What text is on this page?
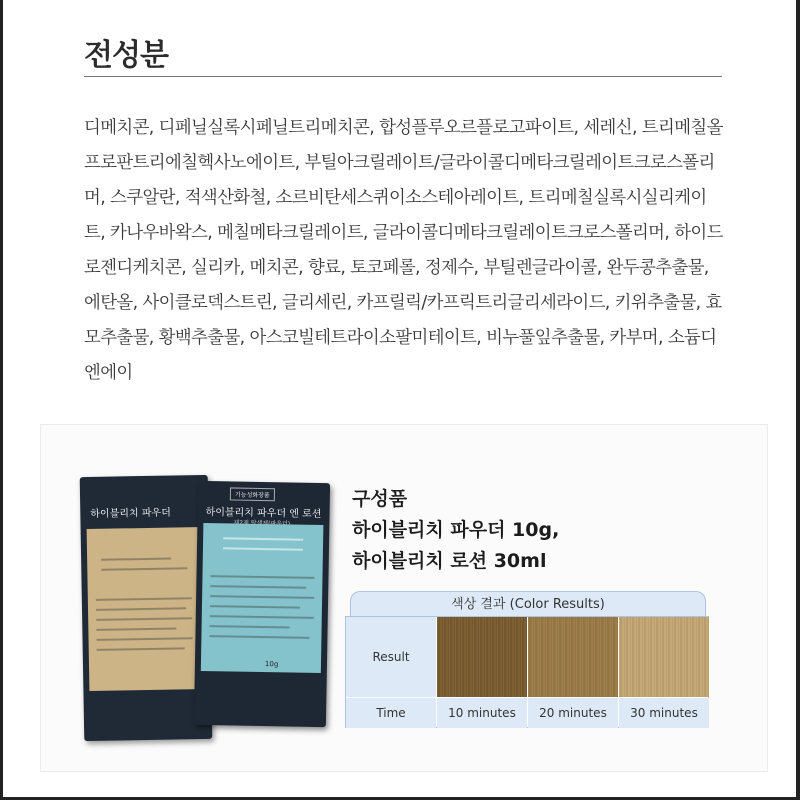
전성분
디메치콘, 디페닐실록시페닐트리메치콘, 합성플루오르플로고파이트, 세레신, 트리메칠올프로판트리에칠헥사노에이트, 부틸아크릴레이트/글라이콜디메타크릴레이트크로스폴리머, 스쿠알란, 적색산화철, 소르비탄세스퀴이소스테아레이트, 트리메칠실록시실리케이트, 카나우바왁스, 메칠메타크릴레이트, 글라이콜디메타크릴레이트크로스폴리머, 하이드로젠디케치콘, 실리카, 메치콘, 향료, 토코페롤, 정제수, 부틸렌글라이콜, 완두콩추출물, 에탄올, 사이클로덱스트린, 글리세린, 카프릴릭/카프릭트리글리세라이드, 키위추출물, 효모추출물, 황백추출물, 아스코빌테트라이소팔미테이트, 비누풀잎추출물, 카부머, 소듐디엔에이
하이블리치 파우더
기능성화장품
하이블리치 파우더 엔 로션
10g
구성품
하이블리치 파우더 10g,
하이블리치 로션 30ml
색상 결과 (Color Results)
Result
Time	10 minutes	20 minutes	30 minutes
